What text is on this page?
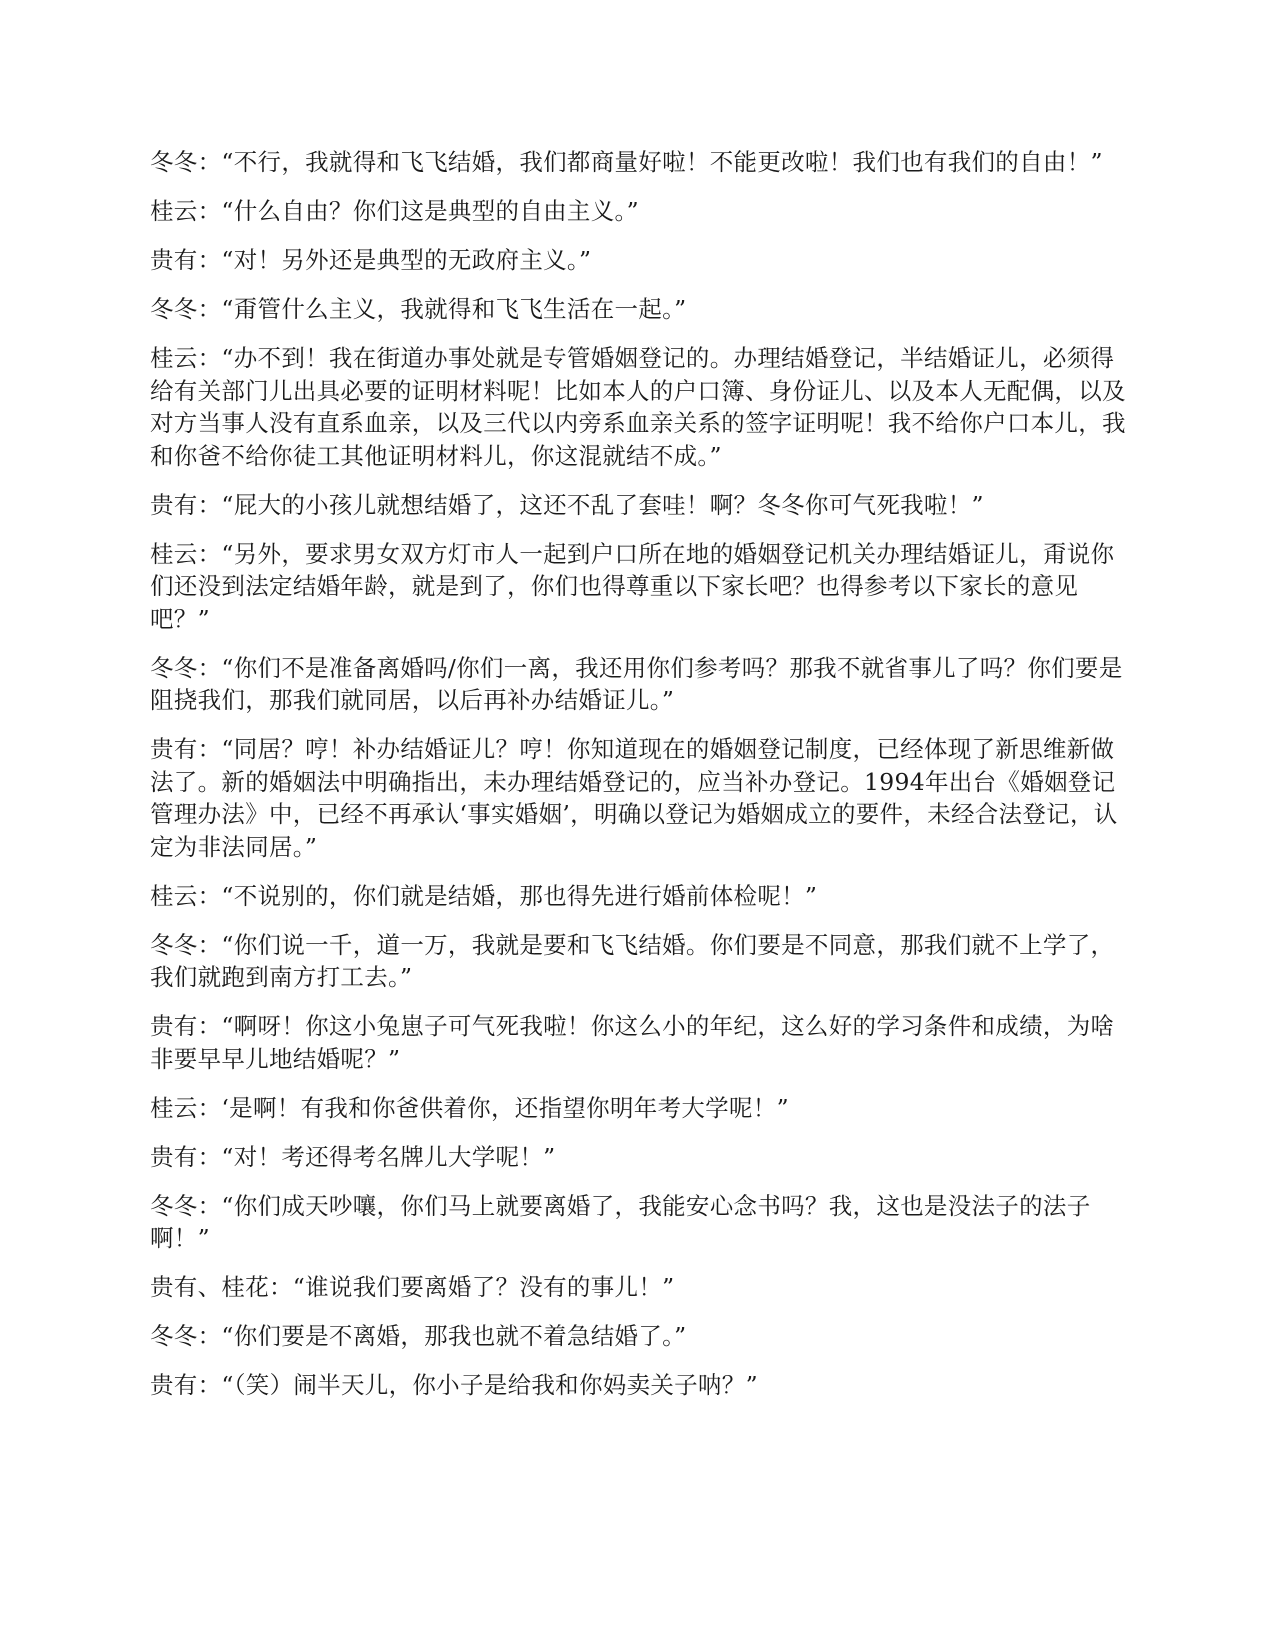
冬冬：“不行，我就得和飞飞结婚，我们都商量好啦！不能更改啦！我们也有我们的自由！”

桂云：“什么自由？你们这是典型的自由主义。”

贵有：“对！另外还是典型的无政府主义。”

冬冬：“甭管什么主义，我就得和飞飞生活在一起。”

桂云：“办不到！我在街道办事处就是专管婚姻登记的。办理结婚登记，半结婚证儿，必须得给有关部门儿出具必要的证明材料呢！比如本人的户口簿、身份证儿、以及本人无配偶，以及对方当事人没有直系血亲，以及三代以内旁系血亲关系的签字证明呢！我不给你户口本儿，我和你爸不给你徒工其他证明材料儿，你这混就结不成。”

贵有：“屁大的小孩儿就想结婚了，这还不乱了套哇！啊？冬冬你可气死我啦！”

桂云：“另外，要求男女双方灯市人一起到户口所在地的婚姻登记机关办理结婚证儿，甭说你们还没到法定结婚年龄，就是到了，你们也得尊重以下家长吧？也得参考以下家长的意见吧？”

冬冬：“你们不是准备离婚吗/你们一离，我还用你们参考吗？那我不就省事儿了吗？你们要是阻挠我们，那我们就同居，以后再补办结婚证儿。”

贵有：“同居？哼！补办结婚证儿？哼！你知道现在的婚姻登记制度，已经体现了新思维新做法了。新的婚姻法中明确指出，未办理结婚登记的，应当补办登记。1994年出台《婚姻登记管理办法》中，已经不再承认‘事实婚姻’，明确以登记为婚姻成立的要件，未经合法登记，认定为非法同居。”

桂云：“不说别的，你们就是结婚，那也得先进行婚前体检呢！”

冬冬：“你们说一千，道一万，我就是要和飞飞结婚。你们要是不同意，那我们就不上学了，我们就跑到南方打工去。”

贵有：“啊呀！你这小兔崽子可气死我啦！你这么小的年纪，这么好的学习条件和成绩，为啥非要早早儿地结婚呢？”

桂云：‘是啊！有我和你爸供着你，还指望你明年考大学呢！”

贵有：“对！考还得考名牌儿大学呢！”

冬冬：“你们成天吵嚷，你们马上就要离婚了，我能安心念书吗？我，这也是没法子的法子啊！”

贵有、桂花：“谁说我们要离婚了？没有的事儿！”

冬冬：“你们要是不离婚，那我也就不着急结婚了。”

贵有：“（笑）闹半天儿，你小子是给我和你妈卖关子呐？”
